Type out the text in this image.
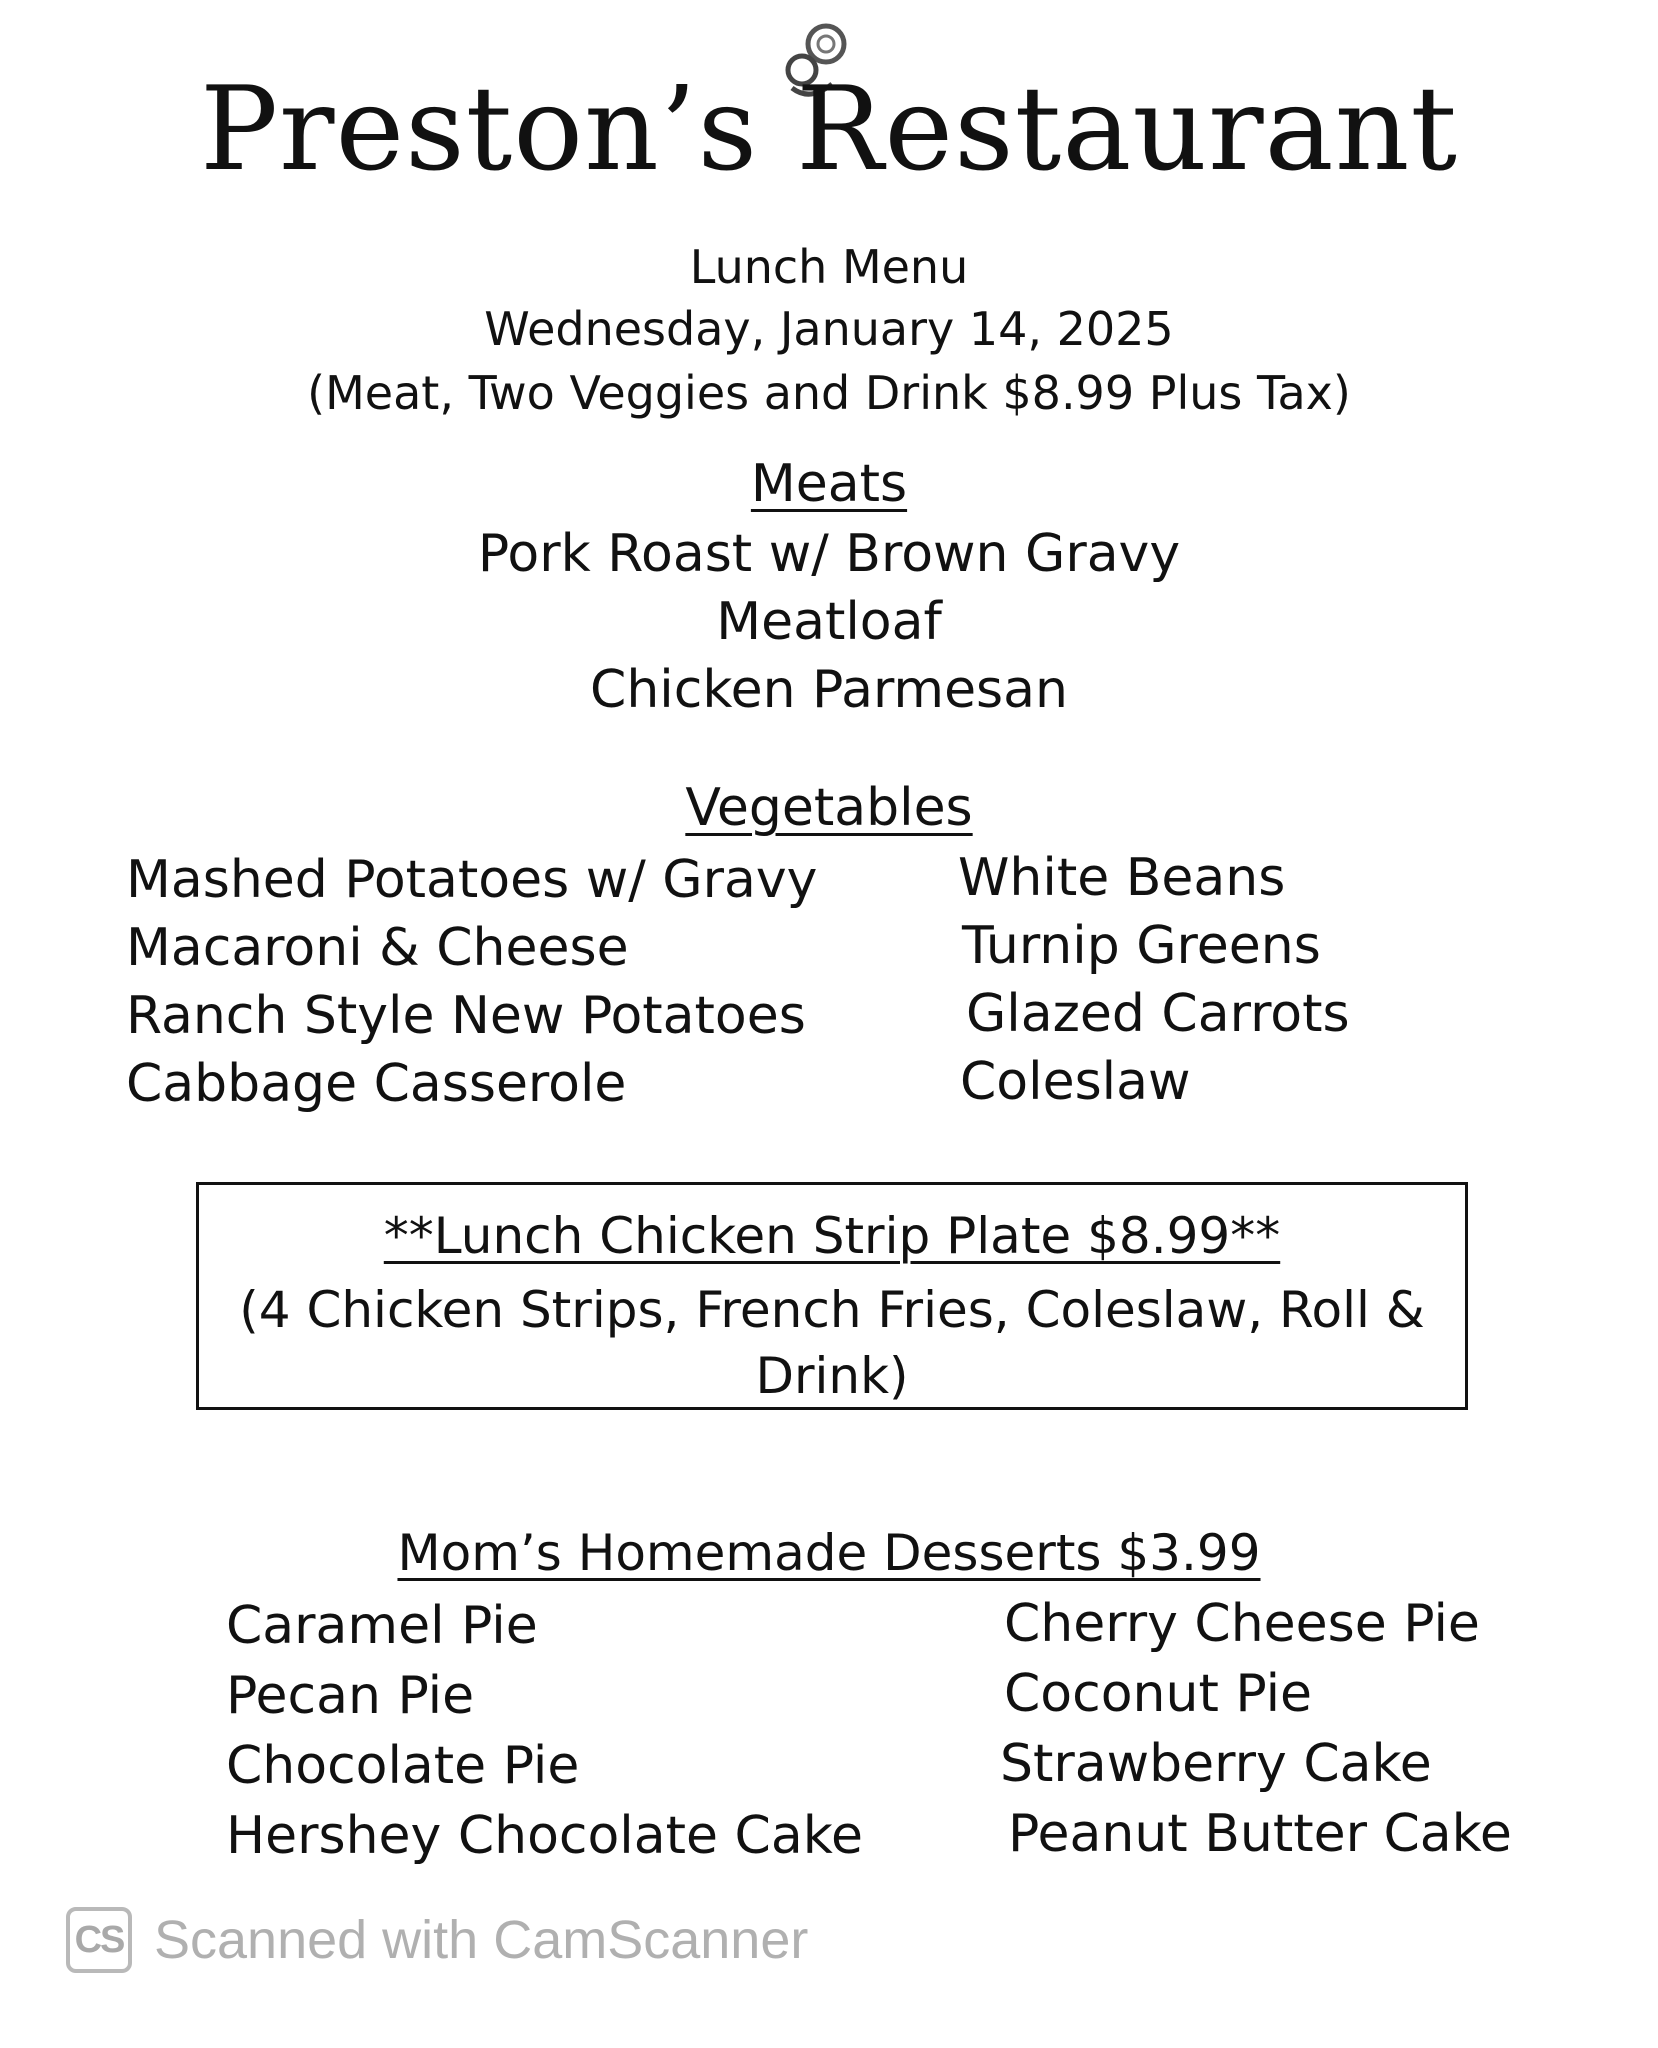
Preston’s Restaurant
Lunch Menu
Wednesday, January 14, 2025
(Meat, Two Veggies and Drink $8.99 Plus Tax)
Meats
Pork Roast w/ Brown Gravy
Meatloaf
Chicken Parmesan
Vegetables
Mashed Potatoes w/ Gravy
Macaroni & Cheese
Ranch Style New Potatoes
Cabbage Casserole
White Beans
Turnip Greens
Glazed Carrots
Coleslaw
**Lunch Chicken Strip Plate $8.99**
(4 Chicken Strips, French Fries, Coleslaw, Roll & Drink)
Mom’s Homemade Desserts $3.99
Caramel Pie
Pecan Pie
Chocolate Pie
Hershey Chocolate Cake
Cherry Cheese Pie
Coconut Pie
Strawberry Cake
Peanut Butter Cake
CS Scanned with CamScanner
